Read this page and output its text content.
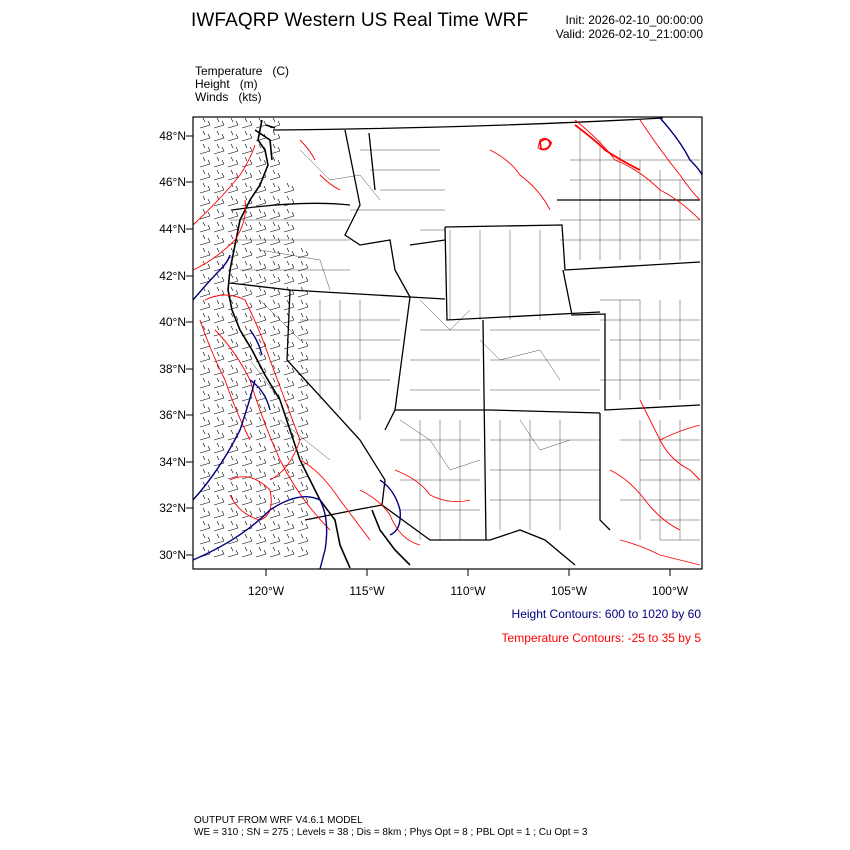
IWFAQRP Western US Real Time WRF	Init: 2026-02-10_00:00:00
Valid: 2026-02-10_21:00:00
Temperature   (C)
Height   (m)
Winds   (kts)
48°N
46°N
44°N
42°N
40°N
38°N
36°N
34°N
32°N
30°N
120°W	115°W	110°W	105°W	100°W
Height Contours: 600 to 1020 by 60
Temperature Contours: -25 to 35 by 5
OUTPUT FROM WRF V4.6.1 MODEL
WE = 310 ; SN = 275 ; Levels = 38 ; Dis = 8km ; Phys Opt = 8 ; PBL Opt = 1 ; Cu Opt = 3
